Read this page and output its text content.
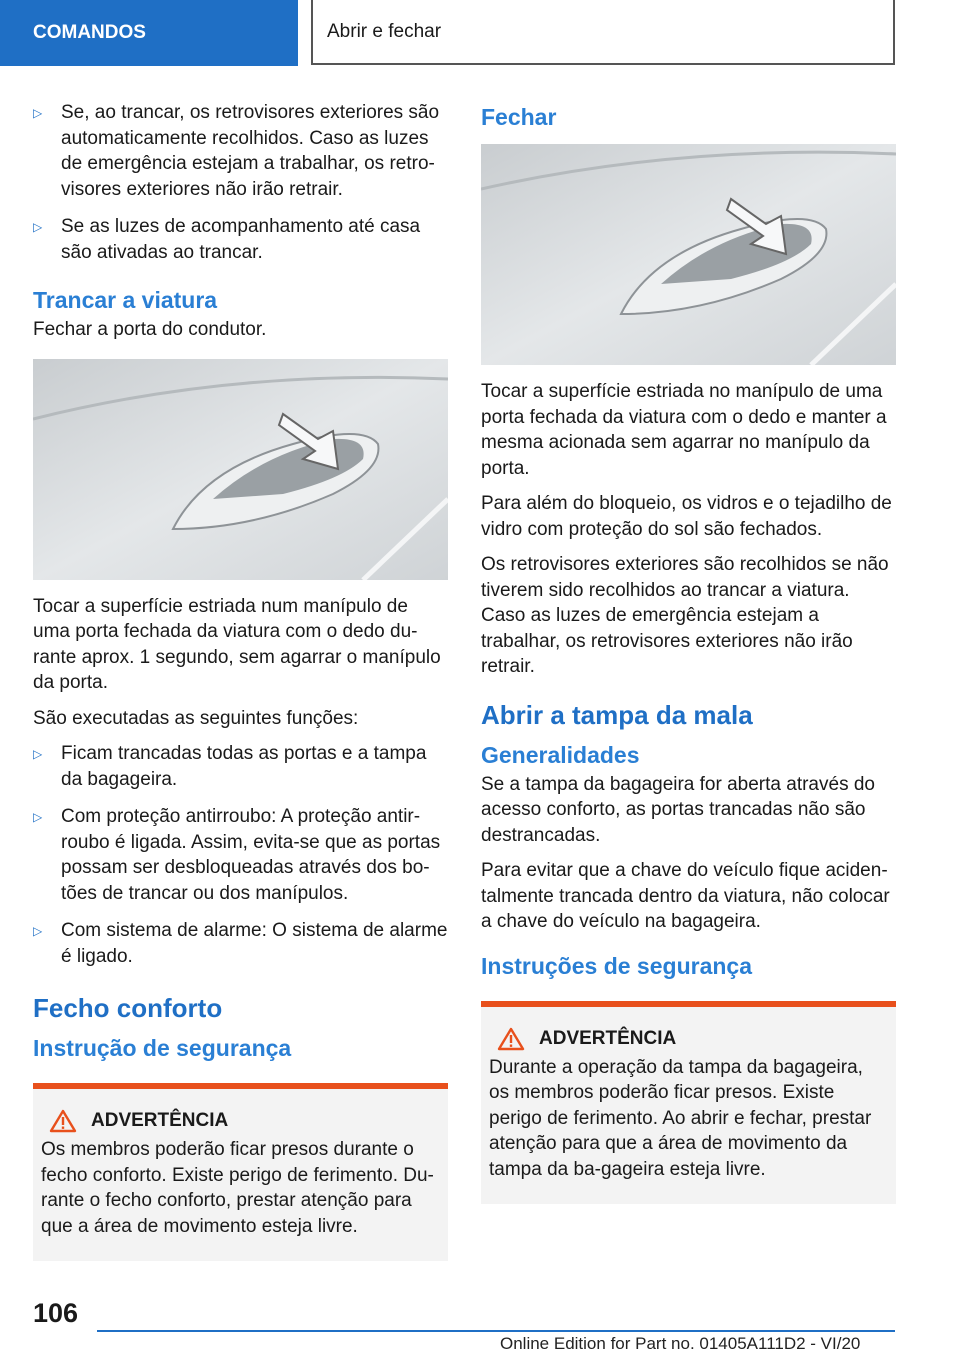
COMANDOS	Abrir e fechar
▷ Se, ao trancar, os retrovisores exteriores são automaticamente recolhidos. Caso as luzes de emergência estejam a trabalhar, os retro‐visores exteriores não irão retrair.
▷ Se as luzes de acompanhamento até casa são ativadas ao trancar.
Trancar a viatura

Fechar a porta do condutor.

Tocar a superfície estriada num manípulo de uma porta fechada da viatura com o dedo du‐rante aprox. 1 segundo, sem agarrar o manípulo da porta.

São executadas as seguintes funções:

▷ Ficam trancadas todas as portas e a tampa da bagageira.
▷ Com proteção antirroubo: A proteção antir‐roubo é ligada. Assim, evita-se que as portas possam ser desbloqueadas através dos bo‐tões de trancar ou dos manípulos.
▷ Com sistema de alarme: O sistema de alarme é ligado.
Fecho conforto
Instrução de segurança
ADVERTÊNCIA
Os membros poderão ficar presos durante o fecho conforto. Existe perigo de ferimento. Du‐rante o fecho conforto, prestar atenção para que a área de movimento esteja livre.
Fechar

Tocar a superfície estriada no manípulo de uma porta fechada da viatura com o dedo e manter a mesma acionada sem agarrar no manípulo da porta.

Para além do bloqueio, os vidros e o tejadilho de vidro com proteção do sol são fechados.

Os retrovisores exteriores são recolhidos se não tiverem sido recolhidos ao trancar a viatura. Caso as luzes de emergência estejam a trabalhar, os retrovisores exteriores não irão retrair.

Abrir a tampa da mala
Generalidades

Se a tampa da bagageira for aberta através do acesso conforto, as portas trancadas não são destrancadas.

Para evitar que a chave do veículo fique aciden‐talmente trancada dentro da viatura, não colocar a chave do veículo na bagageira.

Instruções de segurança
ADVERTÊNCIA
Durante a operação da tampa da bagageira, os membros poderão ficar presos. Existe perigo de ferimento. Ao abrir e fechar, prestar atenção para que a área de movimento da tampa da ba‐gageira esteja livre.
106
Online Edition for Part no. 01405A111D2 - VI/20
